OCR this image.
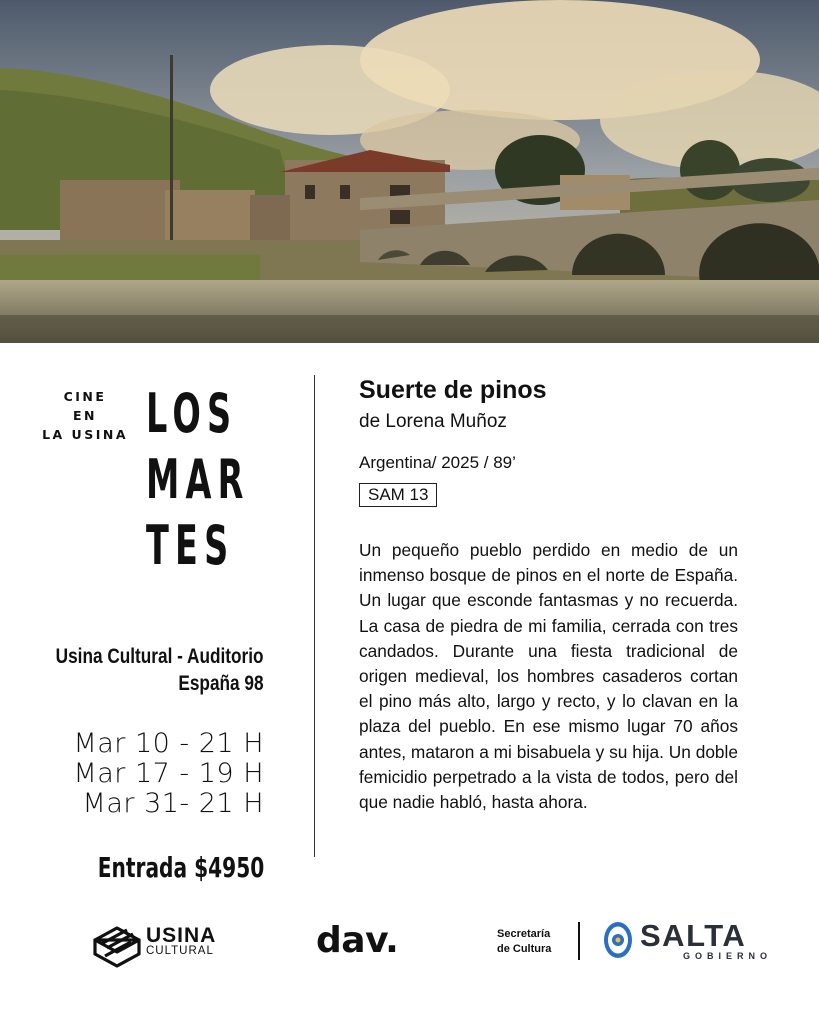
CINE
EN
LA USINA LOS
MAR
TES
Usina Cultural - Auditorio
España 98
Mar 10 - 21 H
Mar 17 - 19 H
Mar 31- 21 H
Entrada $4950
Suerte de pinos
de Lorena Muñoz
Argentina/ 2025 / 89’
SAM 13
Un pequeño pueblo perdido en medio de un inmenso bosque de pinos en el norte de España. Un lugar que esconde fantasmas y no recuerda. La casa de piedra de mi familia, cerrada con tres candados. Durante una fiesta tradicional de origen medieval, los hombres casaderos cortan el pino más alto, largo y recto, y lo clavan en la plaza del pueblo. En ese mismo lugar 70 años antes, mataron a mi bisabuela y su hija. Un doble femicidio perpetrado a la vista de todos, pero del que nadie habló, hasta ahora.
USINA
CULTURAL	dav.	Secretaría
de Cultura	SALTA
GOBIERNO
